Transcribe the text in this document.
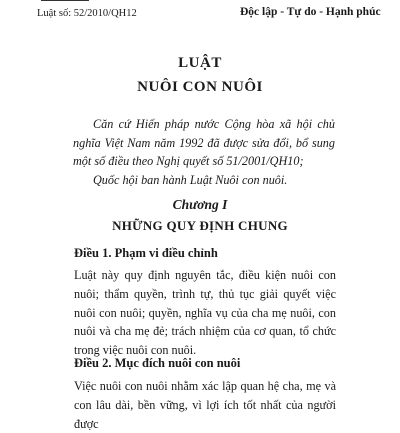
Luật số: 52/2010/QH12	Độc lập - Tự do - Hạnh phúc
LUẬT
NUÔI CON NUÔI

Căn cứ Hiến pháp nước Cộng hòa xã hội chủ nghĩa Việt Nam năm 1992 đã được sửa đổi, bổ sung một số điều theo Nghị quyết số 51/2001/QH10;

Quốc hội ban hành Luật Nuôi con nuôi.

Chương I
NHỮNG QUY ĐỊNH CHUNG
Điều 1. Phạm vi điều chỉnh

Luật này quy định nguyên tắc, điều kiện nuôi con nuôi; thẩm quyền, trình tự, thủ tục giải quyết việc nuôi con nuôi; quyền, nghĩa vụ của cha mẹ nuôi, con nuôi và cha mẹ đẻ; trách nhiệm của cơ quan, tổ chức trong việc nuôi con nuôi.

Điều 2. Mục đích nuôi con nuôi

Việc nuôi con nuôi nhằm xác lập quan hệ cha, mẹ và con lâu dài, bền vững, vì lợi ích tốt nhất của người được
